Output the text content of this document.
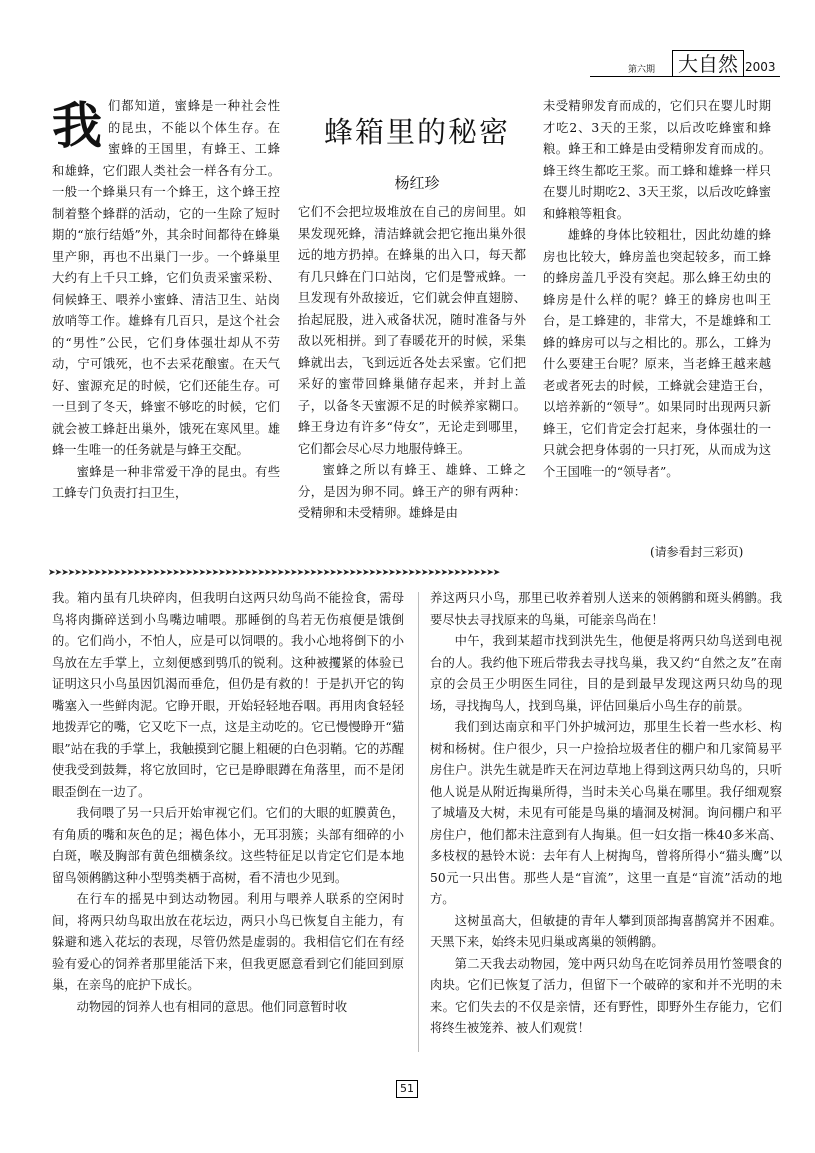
第六期	大自然 2003
蜂箱里的秘密
杨红珍
我 们都知道，蜜蜂是一种社会性的昆虫，不能以个体生存。在蜜蜂的王国里，有蜂王、工蜂和雄蜂，它们跟人类社会一样各有分工。一般一个蜂巢只有一个蜂王，这个蜂王控制着整个蜂群的活动，它的一生除了短时期的“旅行结婚”外，其余时间都待在蜂巢里产卵，再也不出巢门一步。一个蜂巢里大约有上千只工蜂，它们负责采蜜采粉、伺候蜂王、喂养小蜜蜂、清洁卫生、站岗放哨等工作。雄蜂有几百只，是这个社会的“男性”公民，它们身体强壮却从不劳动，宁可饿死，也不去采花酿蜜。在天气好、蜜源充足的时候，它们还能生存。可一旦到了冬天，蜂蜜不够吃的时候，它们就会被工蜂赶出巢外，饿死在寒风里。雄蜂一生唯一的任务就是与蜂王交配。

蜜蜂是一种非常爱干净的昆虫。有些工蜂专门负责打扫卫生，

它们不会把垃圾堆放在自己的房间里。如果发现死蜂，清洁蜂就会把它拖出巢外很远的地方扔掉。在蜂巢的出入口，每天都有几只蜂在门口站岗，它们是警戒蜂。一旦发现有外敌接近，它们就会伸直翅膀、抬起屁股，进入戒备状况，随时准备与外敌以死相拼。到了春暖花开的时候，采集蜂就出去，飞到远近各处去采蜜。它们把采好的蜜带回蜂巢储存起来，并封上盖子，以备冬天蜜源不足的时候养家糊口。蜂王身边有许多“侍女”，无论走到哪里，它们都会尽心尽力地服侍蜂王。

蜜蜂之所以有蜂王、雄蜂、工蜂之分，是因为卵不同。蜂王产的卵有两种：受精卵和未受精卵。雄蜂是由

未受精卵发育而成的，它们只在婴儿时期才吃2、3天的王浆，以后改吃蜂蜜和蜂粮。蜂王和工蜂是由受精卵发育而成的。蜂王终生都吃王浆。而工蜂和雄蜂一样只在婴儿时期吃2、3天王浆，以后改吃蜂蜜和蜂粮等粗食。

雄蜂的身体比较粗壮，因此幼雄的蜂房也比较大，蜂房盖也突起较多，而工蜂的蜂房盖几乎没有突起。那么蜂王幼虫的蜂房是什么样的呢？蜂王的蜂房也叫王台，是工蜂建的，非常大，不是雄蜂和工蜂的蜂房可以与之相比的。那么，工蜂为什么要建王台呢？原来，当老蜂王越来越老或者死去的时候，工蜂就会建造王台，以培养新的“领导”。如果同时出现两只新蜂王，它们肯定会打起来，身体强壮的一只就会把身体弱的一只打死，从而成为这个王国唯一的“领导者”。

(请参看封三彩页)
➤➤➤➤➤➤➤➤➤➤➤➤➤➤➤➤➤➤➤➤➤➤➤➤➤➤➤➤➤➤➤➤➤➤➤➤➤➤➤➤➤➤➤➤➤➤➤➤➤➤➤➤➤➤➤➤➤➤➤➤➤➤➤➤➤➤➤➤➤

我。箱内虽有几块碎肉，但我明白这两只幼鸟尚不能捡食，需母鸟将肉撕碎送到小鸟嘴边哺喂。那睡倒的鸟若无伤痕便是饿倒的。它们尚小，不怕人，应是可以饲喂的。我小心地将倒下的小鸟放在左手掌上，立刻便感到鸮爪的锐利。这种被攫紧的体验已证明这只小鸟虽因饥渴而垂危，但仍是有救的！于是扒开它的钩嘴塞入一些鲜肉泥。它睁开眼，开始轻轻地吞咽。再用肉食轻轻地拨弄它的嘴，它又吃下一点，这是主动吃的。它已慢慢睁开“猫眼”站在我的手掌上，我触摸到它腿上粗硬的白色羽鞘。它的苏醒使我受到鼓舞，将它放回时，它已是睁眼蹲在角落里，而不是闭眼歪倒在一边了。

我伺喂了另一只后开始审视它们。它们的大眼的虹膜黄色，有角质的嘴和灰色的足；褐色体小，无耳羽簇；头部有细碎的小白斑，喉及胸部有黄色细横条纹。这些特征足以肯定它们是本地留鸟领鸺鹠这种小型鸮类栖于高树，看不清也少见到。

在行车的摇晃中到达动物园。利用与喂养人联系的空闲时间，将两只幼鸟取出放在花坛边，两只小鸟已恢复自主能力，有躲避和逃入花坛的表现，尽管仍然是虚弱的。我相信它们在有经验有爱心的饲养者那里能活下来，但我更愿意看到它们能回到原巢，在亲鸟的庇护下成长。

动物园的饲养人也有相同的意思。他们同意暂时收

养这两只小鸟，那里已收养着别人送来的领鸺鹠和斑头鸺鹠。我要尽快去寻找原来的鸟巢，可能亲鸟尚在！

中午，我到某超市找到洪先生，他便是将两只幼鸟送到电视台的人。我约他下班后带我去寻找鸟巢，我又约“自然之友”在南京的会员王少明医生同往，目的是到最早发现这两只幼鸟的现场，寻找掏鸟人，找到鸟巢，评估回巢后小鸟生存的前景。

我们到达南京和平门外护城河边，那里生长着一些水杉、构树和杨树。住户很少，只一户捡拾垃圾者住的棚户和几家简易平房住户。洪先生就是昨天在河边草地上得到这两只幼鸟的，只听他人说是从附近掏巢所得，当时未关心鸟巢在哪里。我仔细观察了城墙及大树，未见有可能是鸟巢的墙洞及树洞。询问棚户和平房住户，他们都未注意到有人掏巢。但一妇女指一株40多米高、多枝杈的悬铃木说：去年有人上树掏鸟，曾将所得小“猫头鹰”以50元一只出售。那些人是“盲流”，这里一直是“盲流”活动的地方。

这树虽高大，但敏捷的青年人攀到顶部掏喜鹊窝并不困难。天黑下来，始终未见归巢或离巢的领鸺鹠。

第二天我去动物园，笼中两只幼鸟在吃饲养员用竹签喂食的肉块。它们已恢复了活力，但留下一个破碎的家和并不光明的未来。它们失去的不仅是亲情，还有野性，即野外生存能力，它们将终生被笼养、被人们观赏！

51
